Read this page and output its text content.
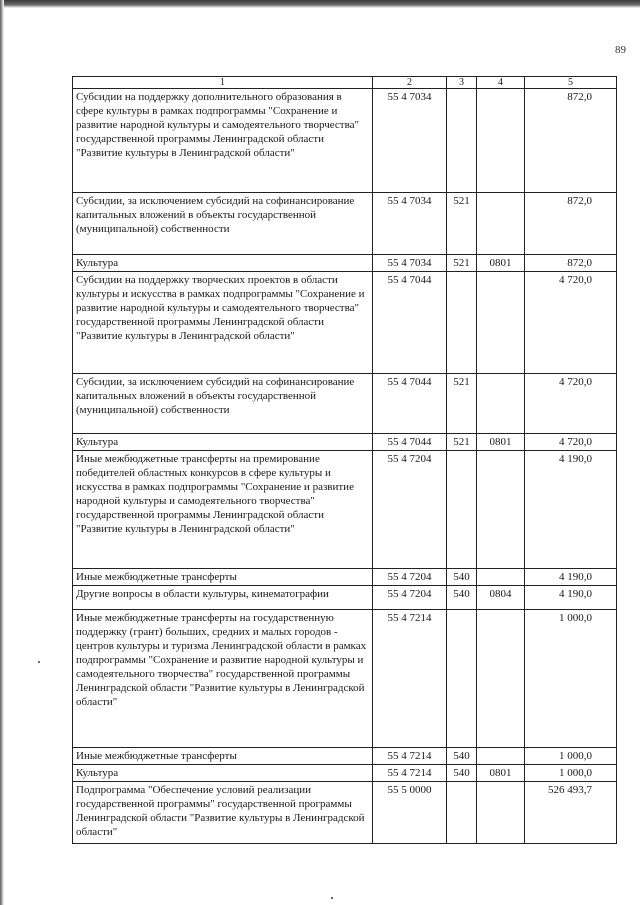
89
1	2	3	4	5
Субсидии на поддержку дополнительного образования в сфере культуры в рамках подпрограммы "Сохранение и развитие народной культуры и самодеятельного творчества" государственной программы Ленинградской области "Развитие культуры в Ленинградской области"	55 4 7034			872,0
Субсидии, за исключением субсидий на софинансирование капитальных вложений в объекты государственной (муниципальной) собственности	55 4 7034	521		872,0
Культура	55 4 7034	521	0801	872,0
Субсидии на поддержку творческих проектов в области культуры и искусства в рамках подпрограммы "Сохранение и развитие народной культуры и самодеятельного творчества" государственной программы Ленинградской области "Развитие культуры в Ленинградской области"	55 4 7044			4 720,0
Субсидии, за исключением субсидий на софинансирование капитальных вложений в объекты государственной (муниципальной) собственности	55 4 7044	521		4 720,0
Культура	55 4 7044	521	0801	4 720,0
Иные межбюджетные трансферты на премирование победителей областных конкурсов в сфере культуры и искусства в рамках подпрограммы "Сохранение и развитие народной культуры и самодеятельного творчества" государственной программы Ленинградской области "Развитие культуры в Ленинградской области"	55 4 7204			4 190,0
Иные межбюджетные трансферты	55 4 7204	540		4 190,0
Другие вопросы в области культуры, кинематографии	55 4 7204	540	0804	4 190,0
Иные межбюджетные трансферты на государственную поддержку (грант) больших, средних и малых городов - центров культуры и туризма Ленинградской области в рамках подпрограммы "Сохранение и развитие народной культуры и самодеятельного творчества" государственной программы Ленинградской области "Развитие культуры в Ленинградской области"	55 4 7214			1 000,0
Иные межбюджетные трансферты	55 4 7214	540		1 000,0
Культура	55 4 7214	540	0801	1 000,0
Подпрограмма "Обеспечение условий реализации государственной программы" государственной программы Ленинградской области "Развитие культуры в Ленинградской области"	55 5 0000			526 493,7
